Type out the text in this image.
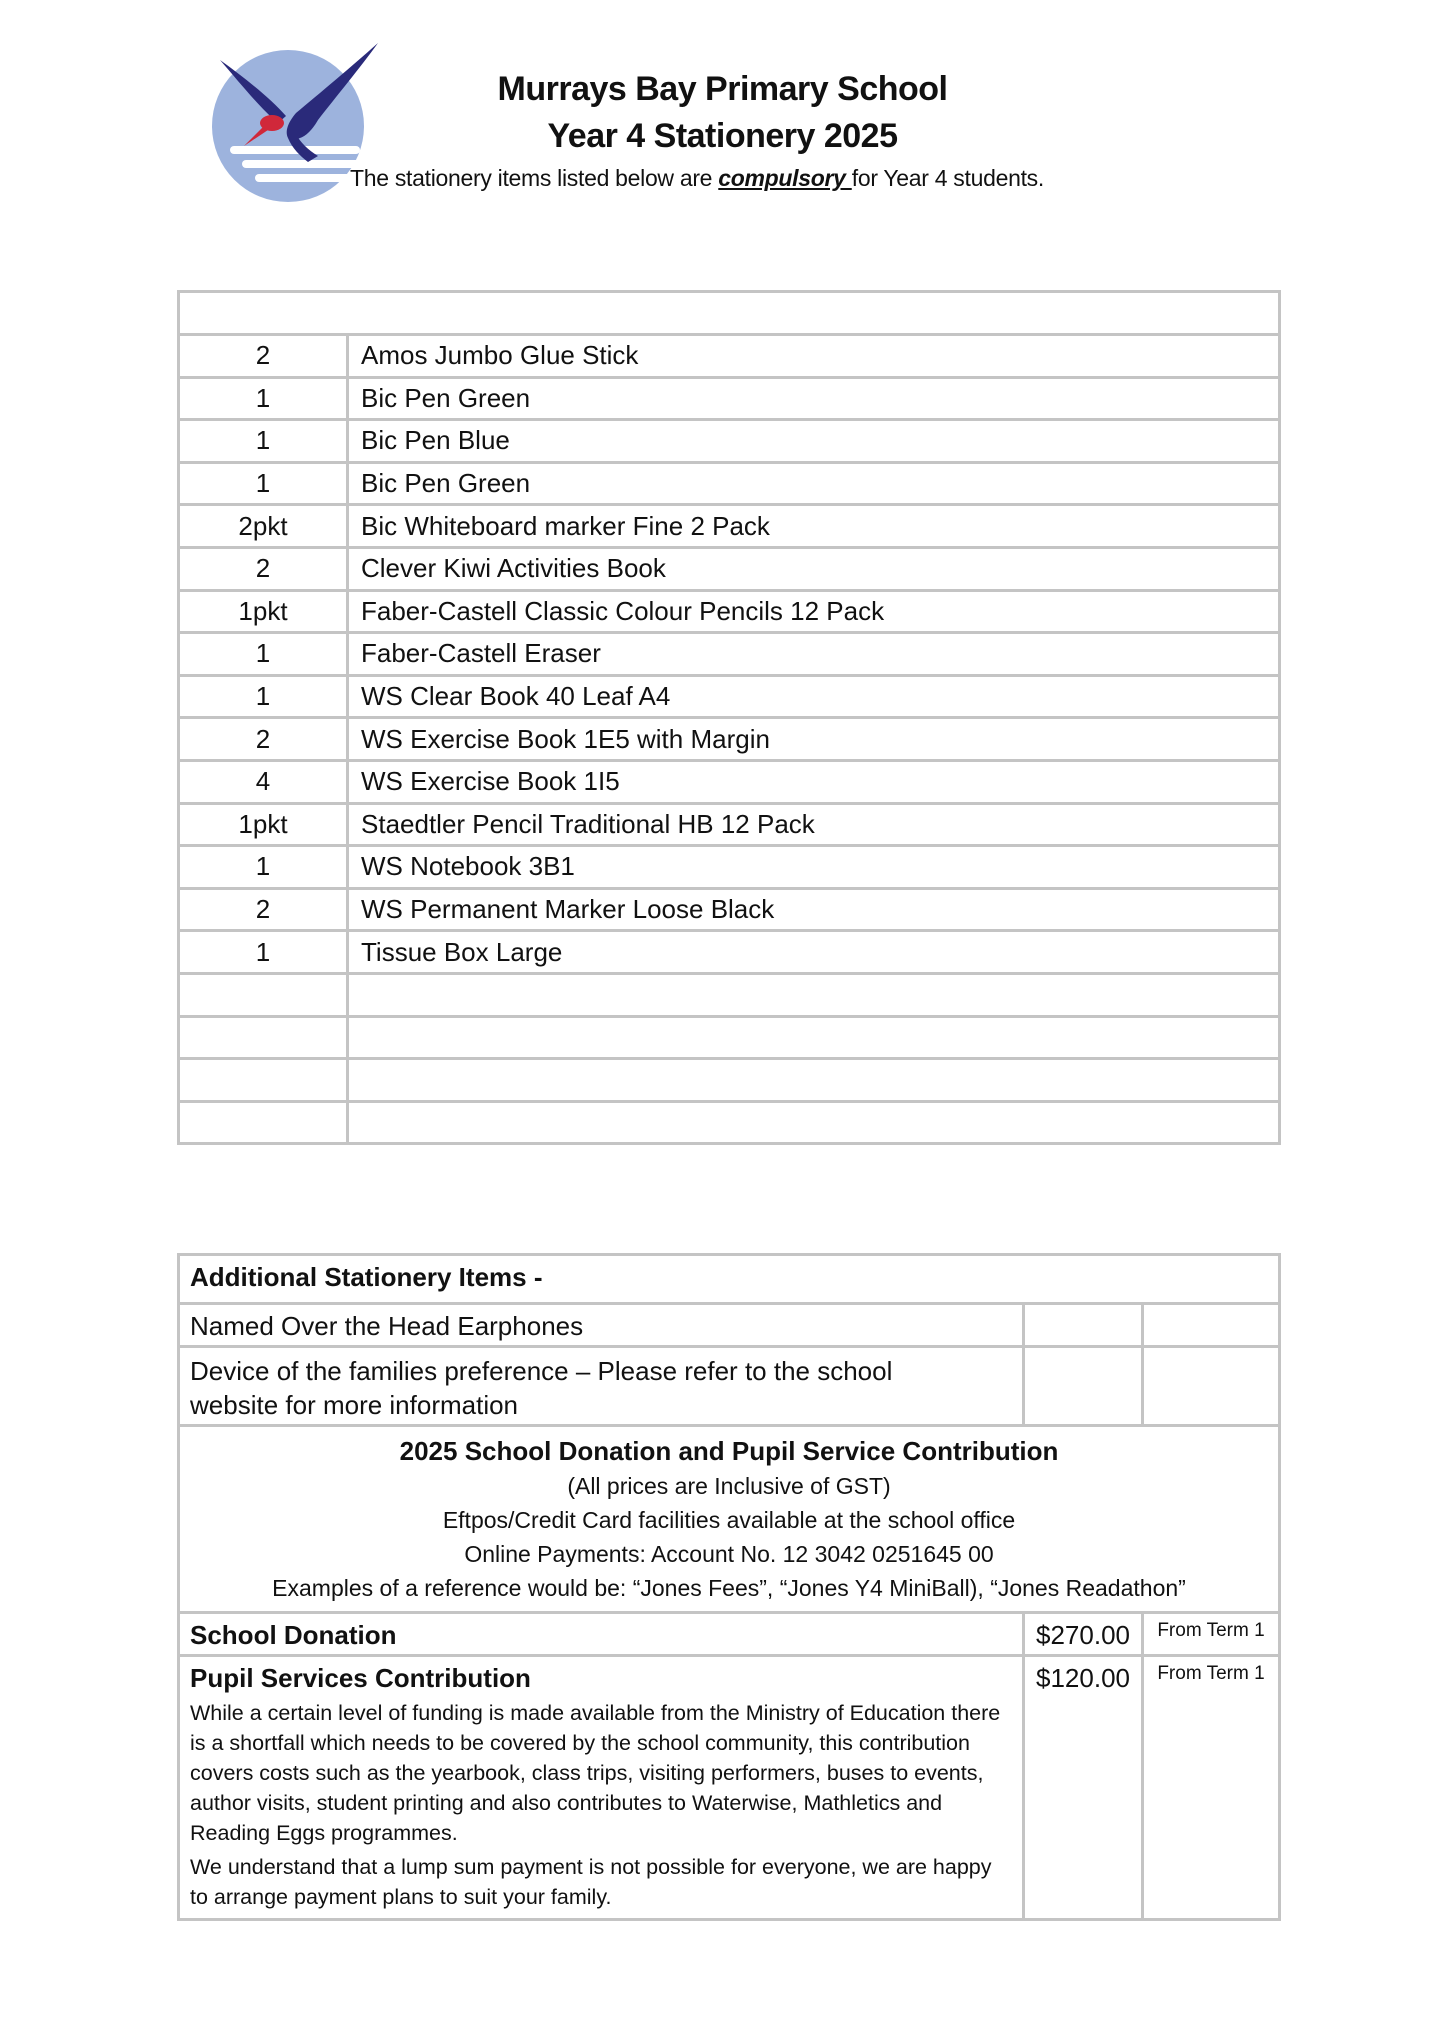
Murrays Bay Primary School
Year 4 Stationery 2025
The stationery items listed below are compulsory for Year 4 students.

2	Amos Jumbo Glue Stick
1	Bic Pen Green
1	Bic Pen Blue
1	Bic Pen Green
2pkt	Bic Whiteboard marker Fine 2 Pack
2	Clever Kiwi Activities Book
1pkt	Faber-Castell Classic Colour Pencils 12 Pack
1	Faber-Castell Eraser
1	WS Clear Book 40 Leaf A4
2	WS Exercise Book 1E5 with Margin
4	WS Exercise Book 1I5
1pkt	Staedtler Pencil Traditional HB 12 Pack
1	WS Notebook 3B1
2	WS Permanent Marker Loose Black
1	Tissue Box Large

Additional Stationery Items -		
Named Over the Head Earphones		

Device of the families preference – Please refer to the school website for more information		

2025 School Donation and Pupil Service Contribution
(All prices are Inclusive of GST)
Eftpos/Credit Card facilities available at the school office
Online Payments: Account No. 12 3042 0251645 00
Examples of a reference would be: “Jones Fees”, “Jones Y4 MiniBall), “Jones Readathon”		

School Donation	$270.00	From Term 1

Pupil Services Contribution
While a certain level of funding is made available from the Ministry of Education there is a shortfall which needs to be covered by the school community, this contribution covers costs such as the yearbook, class trips, visiting performers, buses to events, author visits, student printing and also contributes to Waterwise, Mathletics and Reading Eggs programmes.
We understand that a lump sum payment is not possible for everyone, we are happy to arrange payment plans to suit your family.	$120.00	From Term 1
